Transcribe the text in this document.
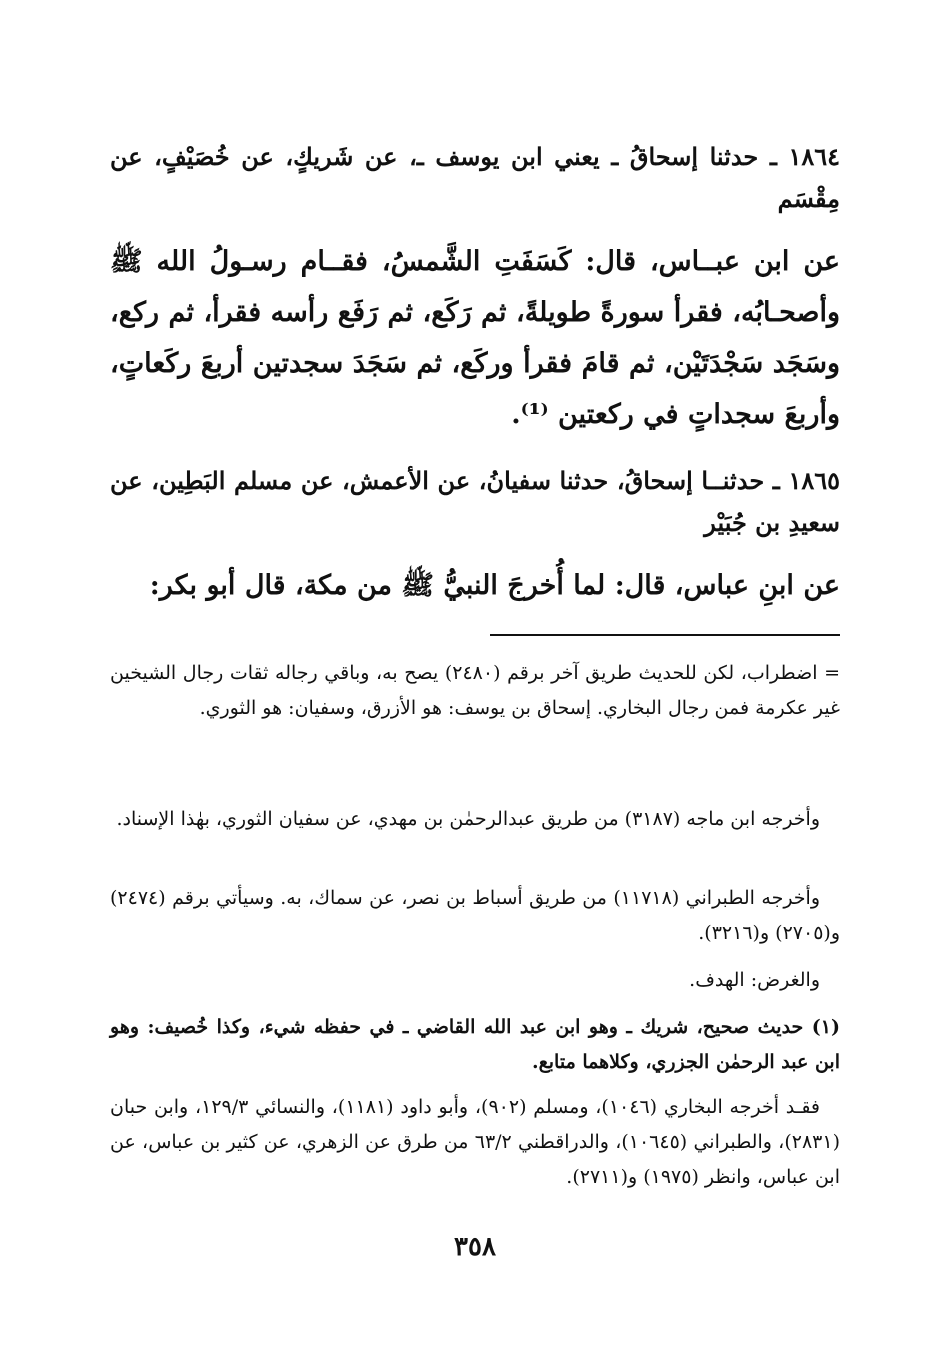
١٨٦٤ ـ حدثنا إسحاقُ ـ يعني ابن يوسف ـ، عن شَريكٍ، عن خُصَيْفٍ، عن مِقْسَم
عن ابن عبــاس، قال: كَسَفَتِ الشَّمسُ، فقــام رسـولُ الله ﷺ وأصحـابُه، فقرأ سورةً طويلةً، ثم رَكَع، ثم رَفَع رأسه فقرأ، ثم ركع، وسَجَد سَجْدَتَيْن، ثم قامَ فقرأ وركَع، ثم سَجَدَ سجدتين أربعَ ركَعاتٍ، وأربعَ سجداتٍ في ركعتين ⁽¹⁾.
١٨٦٥ ـ حدثنــا إسحاقُ، حدثنا سفيانُ، عن الأعمش، عن مسلم البَطِين، عن سعيدِ بن جُبَيْر
عن ابنِ عباس، قال: لما أُخرجَ النبيُّ ﷺ من مكة، قال أبو بكر:
= اضطراب، لكن للحديث طريق آخر برقم (٢٤٨٠) يصح به، وباقي رجاله ثقات رجال الشيخين غير عكرمة فمن رجال البخاري. إسحاق بن يوسف: هو الأزرق، وسفيان: هو الثوري.
وأخرجه ابن ماجه (٣١٨٧) من طريق عبدالرحمٰن بن مهدي، عن سفيان الثوري، بهٰذا الإسناد.
وأخرجه الطبراني (١١٧١٨) من طريق أسباط بن نصر، عن سماك، به. وسيأتي برقم (٢٤٧٤) و(٢٧٠٥) و(٣٢١٦).
والغرض: الهدف.
(١) حديث صحيح، شريك ـ وهو ابن عبد الله القاضي ـ في حفظه شيء، وكذا خُصيف: وهو ابن عبد الرحمٰن الجزري، وكلاهما متابع.
فقـد أخرجه البخاري (١٠٤٦)، ومسلم (٩٠٢)، وأبو داود (١١٨١)، والنسائي ١٢٩/٣، وابن حبان (٢٨٣١)، والطبراني (١٠٦٤٥)، والدراقطني ٦٣/٢ من طرق عن الزهري، عن كثير بن عباس، عن ابن عباس، وانظر (١٩٧٥) و(٢٧١١).
٣٥٨
